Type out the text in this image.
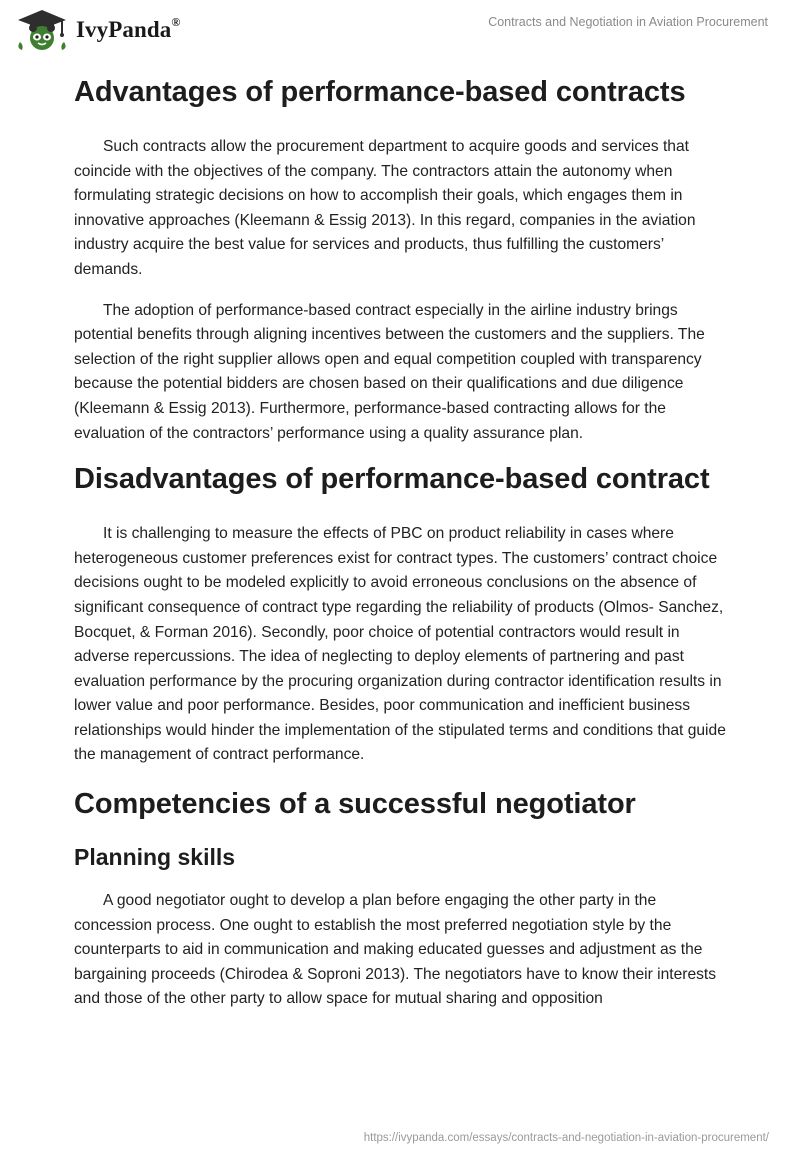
IvyPanda®	Contracts and Negotiation in Aviation Procurement
Advantages of performance-based contracts

Such contracts allow the procurement department to acquire goods and services that coincide with the objectives of the company. The contractors attain the autonomy when formulating strategic decisions on how to accomplish their goals, which engages them in innovative approaches (Kleemann & Essig 2013). In this regard, companies in the aviation industry acquire the best value for services and products, thus fulfilling the customers’ demands.

The adoption of performance-based contract especially in the airline industry brings potential benefits through aligning incentives between the customers and the suppliers. The selection of the right supplier allows open and equal competition coupled with transparency because the potential bidders are chosen based on their qualifications and due diligence (Kleemann & Essig 2013). Furthermore, performance-based contracting allows for the evaluation of the contractors’ performance using a quality assurance plan.

Disadvantages of performance-based contract

It is challenging to measure the effects of PBC on product reliability in cases where heterogeneous customer preferences exist for contract types. The customers’ contract choice decisions ought to be modeled explicitly to avoid erroneous conclusions on the absence of significant consequence of contract type regarding the reliability of products (Olmos- Sanchez, Bocquet, & Forman 2016). Secondly, poor choice of potential contractors would result in adverse repercussions. The idea of neglecting to deploy elements of partnering and past evaluation performance by the procuring organization during contractor identification results in lower value and poor performance. Besides, poor communication and inefficient business relationships would hinder the implementation of the stipulated terms and conditions that guide the management of contract performance.

Competencies of a successful negotiator
Planning skills

A good negotiator ought to develop a plan before engaging the other party in the concession process. One ought to establish the most preferred negotiation style by the counterparts to aid in communication and making educated guesses and adjustment as the bargaining proceeds (Chirodea & Soproni 2013). The negotiators have to know their interests and those of the other party to allow space for mutual sharing and opposition

https://ivypanda.com/essays/contracts-and-negotiation-in-aviation-procurement/
